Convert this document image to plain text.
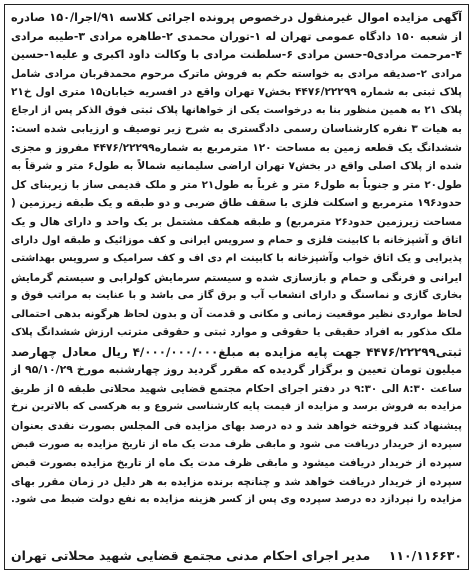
آگهی مزایده اموال غیرمنقول درخصوص پرونده اجرائی کلاسه ۹۱/اجرا/۱۵۰ صادره
از شعبه ۱۵۰ دادگاه عمومی تهران له ۱-توران محمدی ۲-طاهره مرادی ۳-طیبه مرادی
۴-مرحمت مرادی۵-حسن مرادی ۶-سلطنت مرادی با وکالت داود اکبری و علیه۱-حسین
مرادی ۲-صدیقه مرادی به خواسته حکم به فروش ماترک مرحوم محمدقربان مرادی شامل
پلاک ثبتی به شماره ۴۴۷۶/۲۲۲۹۹ بخش۷ تهران واقع در افسریه خیابان۱۵ متری اول خ۲۱
پلاک ۲۱ به همین منظور بنا به درخواست یکی از خواهانها پلاک ثبتی فوق الذکر پس از ارجاع
به هیات ۳ نفره کارشناسان رسمی دادگستری به شرح زیر توصیف و ارزیابی شده است:
ششدانگ یک قطعه زمین به مساحت ۱۲۰ مترمربع به شماره۴۴۷۶/۲۲۲۹۹ مفروز و مجزی
شده از پلاک اصلی واقع در بخش۷ تهران اراضی سلیمانیه شمالاً به طول۶ متر و شرقاً به
طول۲۰ متر و جنوباً به طول۶ متر و غرباً به طول۲۱ متر و ملک قدیمی ساز با زیربنای کل
حدود۱۹۶ مترمربع و اسکلت فلزی با سقف طاق ضربی و دو طبقه و یک طبقه زیرزمین (
مساحت زیرزمین حدود۲۶ مترمربع) و طبقه همکف مشتمل بر یک واحد و دارای هال و یک
اتاق و آشپزخانه با کابینت فلزی و حمام و سرویس ایرانی و کف موزائیک و طبقه اول دارای
پذیرایی و یک اتاق خواب وآشپزخانه با کابینت ام دی اف و کف سرامیک و سرویس بهداشتی
ایرانی و فرنگی و حمام و بازسازی شده و سیستم سرمایش کولرابی و سیستم گرمایش
بخاری گازی و نماسنگ و دارای انشعاب آب و برق گاز می باشد و با عنایت به مراتب فوق و
لحاظ مواردی نظیر موقعیت زمانی و مکانی و قدمت آن و بدون لحاظ هرگونه بدهی احتمالی
ملک مذکور به افراد حقیقی یا حقوقی و موارد ثبتی و حقوقی مترتب ارزش ششدانگ پلاک
ثبتی۴۴۷۶/۲۲۲۹۹ جهت پایه مزایده به مبلغ۴/۰۰۰/۰۰۰/۰۰۰ ریال معادل چهارصد
میلیون تومان تعیین و برگزار گردیده که مقرر گردید روز چهارشنبه مورخ ۹۵/۱۰/۲۹ از
ساعت ۸:۳۰ الی ۹:۳۰ در دفتر اجرای احکام مجتمع قضایی شهید محلاتی طبقه ۵ از طریق
مزایده به فروش برسد و مزایده از قیمت پایه کارشناسی شروع و به هرکسی که بالاترین نرخ
پیشنهاد کند فروخته خواهد شد و ده درصد بهای مزایده فی المجلس بصورت نقدی بعنوان
سپرده از خریدار دریافت می شود و مابقی ظرف مدت یک ماه از تاریخ مزایده به صورت قبض
سپرده از خریدار دریافت میشود و مابقی ظرف مدت یک ماه از تاریخ مزایده بصورت قبض
سپرده از خریدار دریافت خواهد شد و چنانچه برنده مزایده به هر دلیل در زمان مقرر بهای
مزایده را نپردازد ده درصد سپرده وی پس از کسر هزینه مزایده به نفع دولت ضبط می شود.
مدیر اجرای احکام مدنی مجتمع قضایی شهید محلاتی تهران ۱۱۰/۱۱۶۶۳۰
